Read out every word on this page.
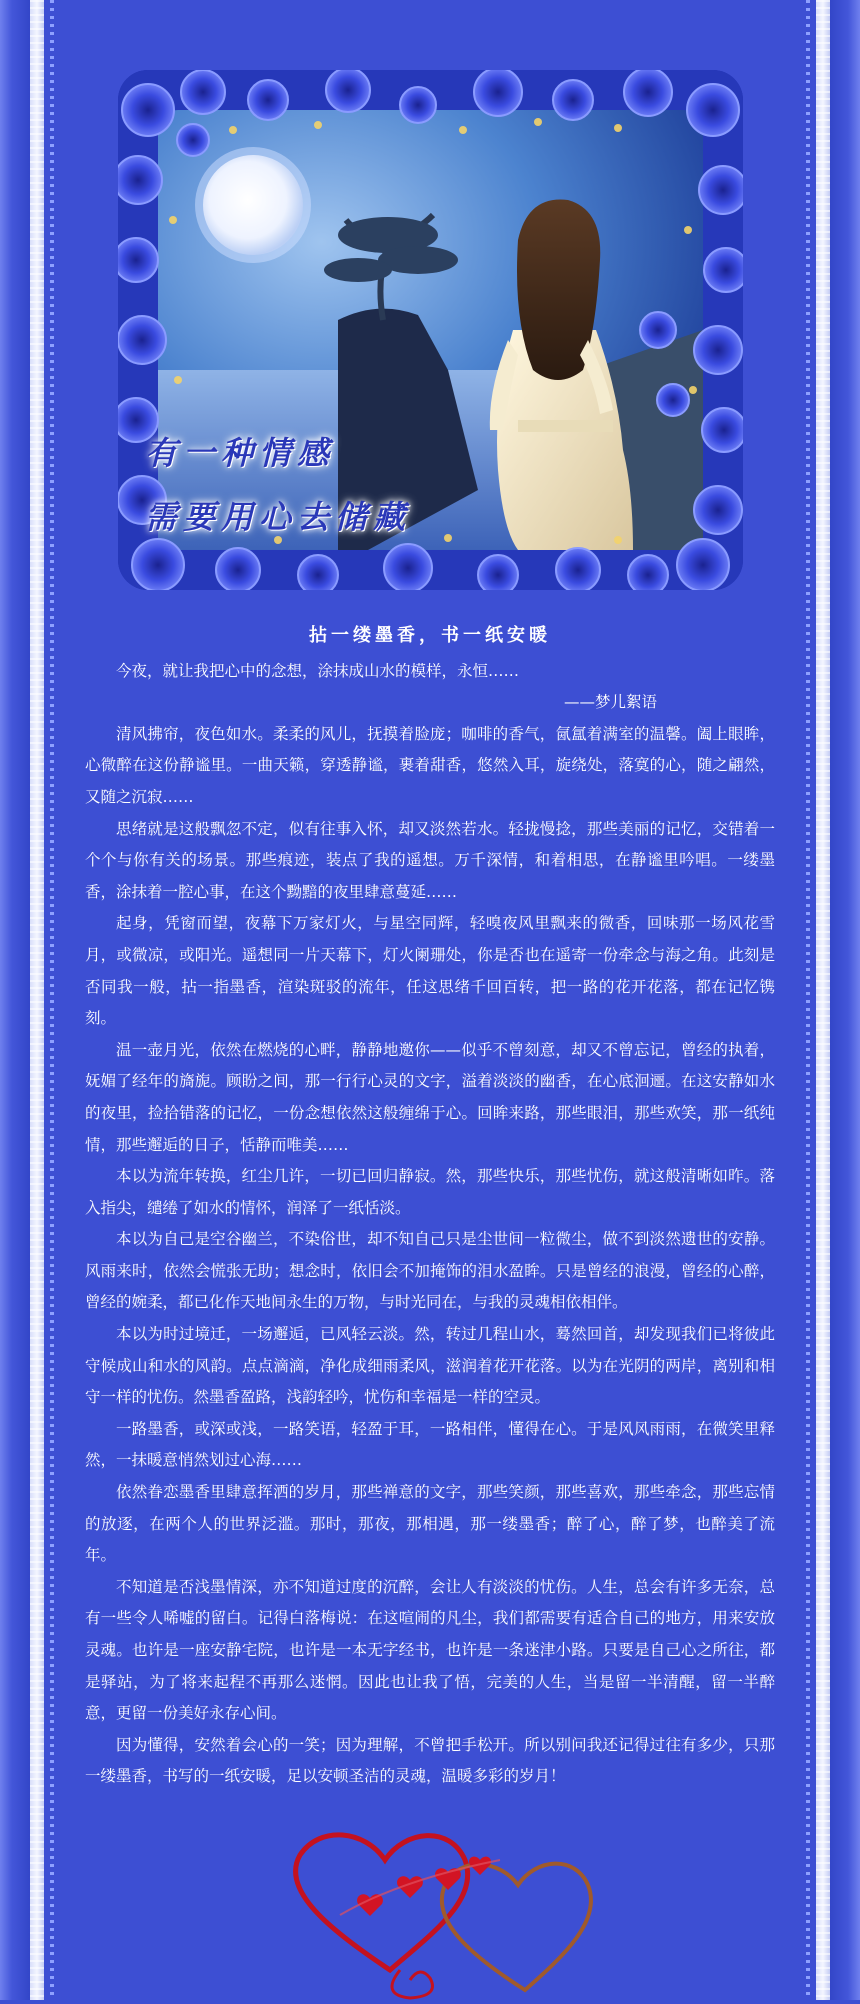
有一种情感
需要用心去储藏
拈一缕墨香，书一纸安暖

今夜，就让我把心中的念想，涂抹成山水的模样，永恒……

——梦儿絮语

清风拂帘，夜色如水。柔柔的风儿，抚摸着脸庞；咖啡的香气，氤氲着满室的温馨。阖上眼眸，心微醉在这份静谧里。一曲天籁，穿透静谧，裹着甜香，悠然入耳，旋绕处，落寞的心，随之翩然，又随之沉寂……

思绪就是这般飘忽不定，似有往事入怀，却又淡然若水。轻拢慢捻，那些美丽的记忆，交错着一个个与你有关的场景。那些痕迹，装点了我的遥想。万千深情，和着相思，在静谧里吟唱。一缕墨香，涂抹着一腔心事，在这个黝黯的夜里肆意蔓延……

起身，凭窗而望，夜幕下万家灯火，与星空同辉，轻嗅夜风里飘来的微香，回味那一场风花雪月，或微凉，或阳光。遥想同一片天幕下，灯火阑珊处，你是否也在遥寄一份牵念与海之角。此刻是否同我一般，拈一指墨香，渲染斑驳的流年，任这思绪千回百转，把一路的花开花落，都在记忆镌刻。

温一壶月光，依然在燃烧的心畔，静静地邀你——似乎不曾刻意，却又不曾忘记，曾经的执着，妩媚了经年的旖旎。顾盼之间，那一行行心灵的文字，溢着淡淡的幽香，在心底洄逦。在这安静如水的夜里，捡拾错落的记忆，一份念想依然这般缠绵于心。回眸来路，那些眼泪，那些欢笑，那一纸纯情，那些邂逅的日子，恬静而唯美……

本以为流年转换，红尘几许，一切已回归静寂。然，那些快乐，那些忧伤，就这般清晰如昨。落入指尖，缱绻了如水的情怀，润泽了一纸恬淡。

本以为自己是空谷幽兰，不染俗世，却不知自己只是尘世间一粒微尘，做不到淡然遗世的安静。风雨来时，依然会慌张无助；想念时，依旧会不加掩饰的泪水盈眸。只是曾经的浪漫，曾经的心醉，曾经的婉柔，都已化作天地间永生的万物，与时光同在，与我的灵魂相依相伴。

本以为时过境迁，一场邂逅，已风轻云淡。然，转过几程山水，蓦然回首，却发现我们已将彼此守候成山和水的风韵。点点滴滴，净化成细雨柔风，滋润着花开花落。以为在光阴的两岸，离别和相守一样的忧伤。然墨香盈路，浅韵轻吟，忧伤和幸福是一样的空灵。

一路墨香，或深或浅，一路笑语，轻盈于耳，一路相伴，懂得在心。于是风风雨雨，在微笑里释然，一抹暖意悄然划过心海……

依然眷恋墨香里肆意挥洒的岁月，那些禅意的文字，那些笑颜，那些喜欢，那些牵念，那些忘情的放逐，在两个人的世界泛滥。那时，那夜，那相遇，那一缕墨香；醉了心，醉了梦，也醉美了流年。

不知道是否浅墨情深，亦不知道过度的沉醉，会让人有淡淡的忧伤。人生，总会有许多无奈，总有一些令人唏嘘的留白。记得白落梅说：在这喧闹的凡尘，我们都需要有适合自己的地方，用来安放灵魂。也许是一座安静宅院，也许是一本无字经书，也许是一条迷津小路。只要是自己心之所往，都是驿站，为了将来起程不再那么迷惘。因此也让我了悟，完美的人生，当是留一半清醒，留一半醉意，更留一份美好永存心间。

因为懂得，安然着会心的一笑；因为理解，不曾把手松开。所以别问我还记得过往有多少，只那一缕墨香，书写的一纸安暖，足以安顿圣洁的灵魂，温暖多彩的岁月！
